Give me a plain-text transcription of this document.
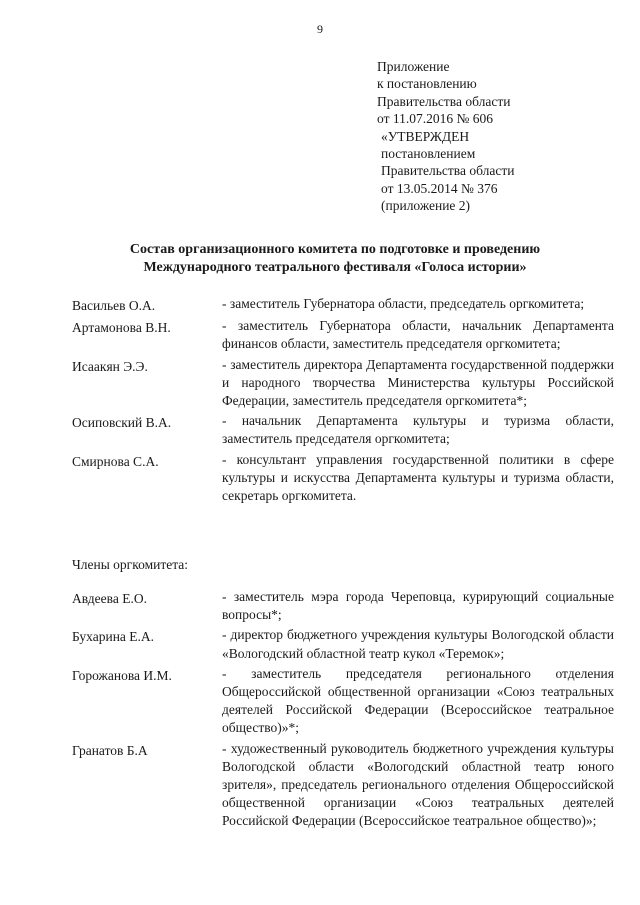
9
Приложение
к постановлению
Правительства области
от 11.07.2016 № 606
«УТВЕРЖДЕН
постановлением
Правительства области
от 13.05.2014 № 376
(приложение 2)
Состав организационного комитета по подготовке и проведению
Международного театрального фестиваля «Голоса истории»
Васильев О.А.	- заместитель Губернатора области, председатель оргкомитета;
Артамонова В.Н.	- заместитель Губернатора области, начальник Департамента финансов области, заместитель председателя оргкомитета;
Исаакян Э.Э.	- заместитель директора Департамента государственной поддержки и народного творчества Министерства культуры Российской Федерации, заместитель председателя оргкомитета*;
Осиповский В.А.	- начальник Департамента культуры и туризма области, заместитель председателя оргкомитета;
Смирнова С.А.	- консультант управления государственной политики в сфере культуры и искусства Департамента культуры и туризма области, секретарь оргкомитета.
Члены оргкомитета:
Авдеева Е.О.	- заместитель мэра города Череповца, курирующий социальные вопросы*;
Бухарина Е.А.	- директор бюджетного учреждения культуры Вологодской области «Вологодский областной театр кукол «Теремок»;
Горожанова И.М.	- заместитель председателя регионального отделения Общероссийской общественной организации «Союз театральных деятелей Российской Федерации (Всероссийское театральное общество)»*;
Гранатов Б.А	- художественный руководитель бюджетного учреждения культуры Вологодской области «Вологодский областной театр юного зрителя», председатель регионального отделения Общероссийской общественной организации «Союз театральных деятелей Российской Федерации (Всероссийское театральное общество)»;
